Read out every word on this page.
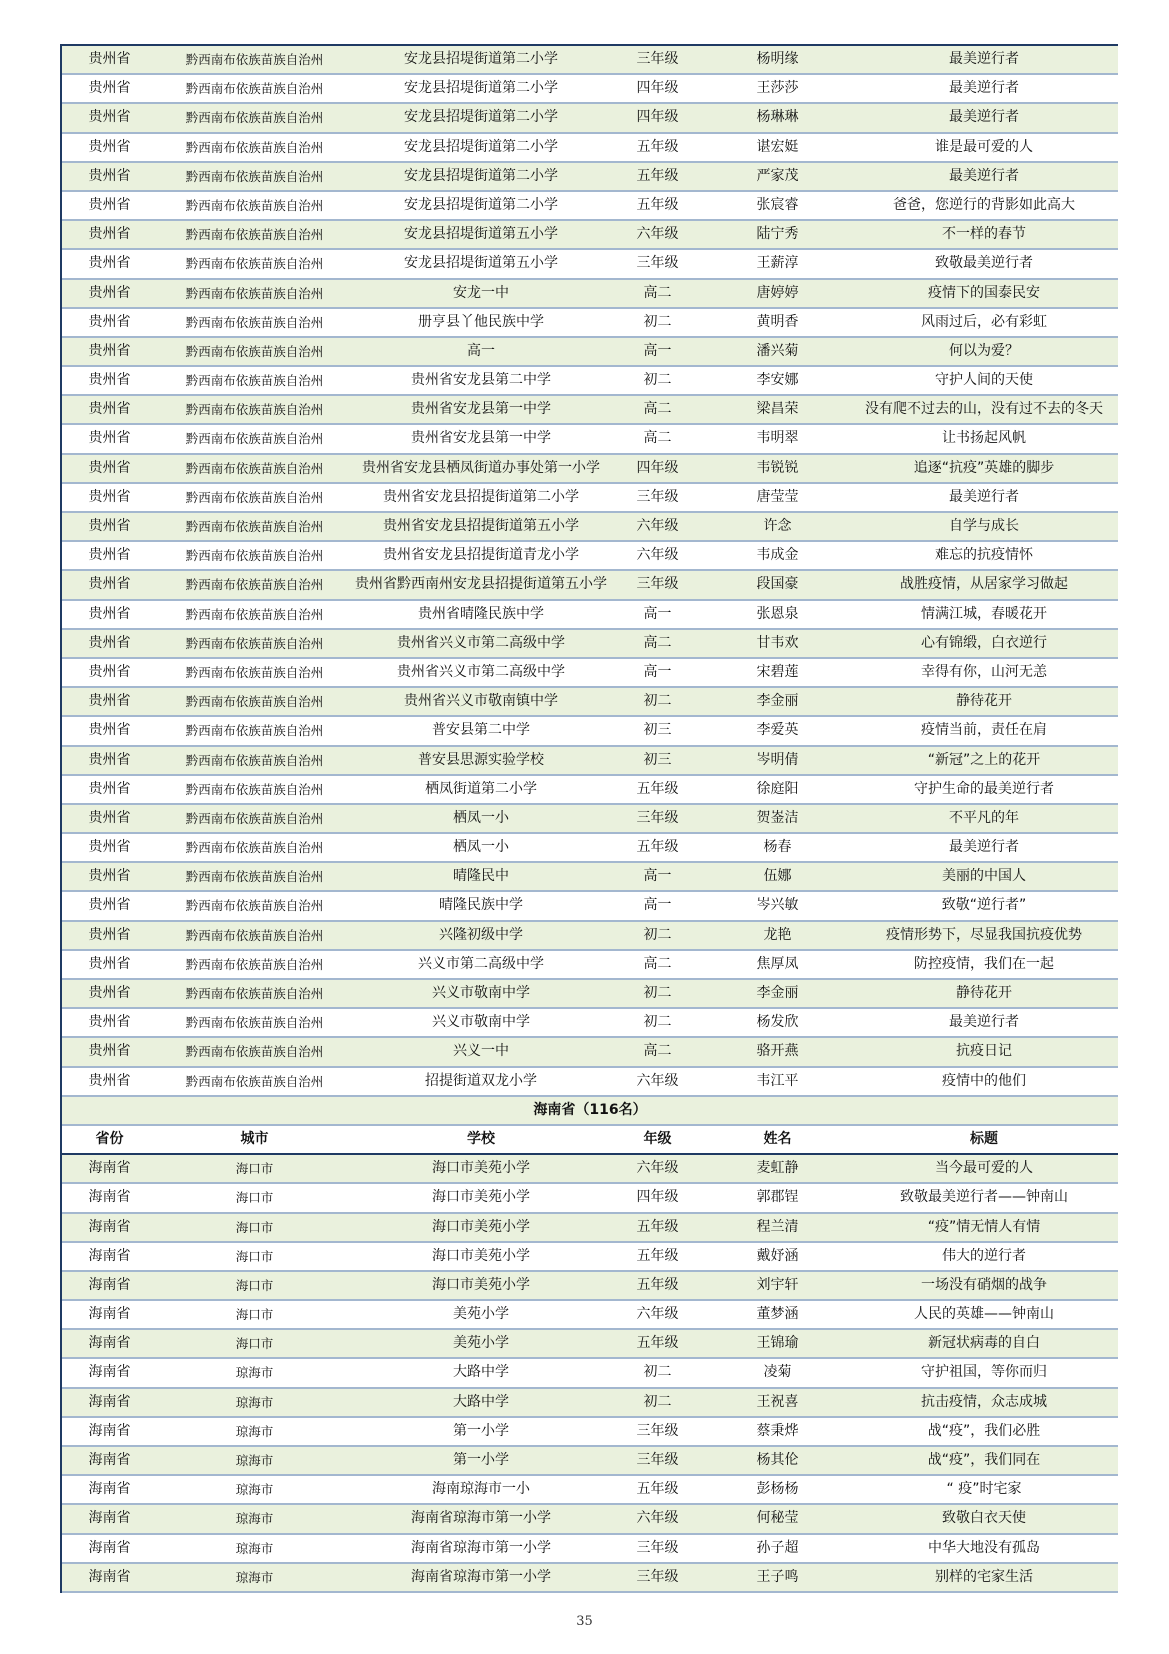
贵州省	黔西南布依族苗族自治州	安龙县招堤街道第二小学	三年级	杨明缘	最美逆行者
贵州省	黔西南布依族苗族自治州	安龙县招堤街道第二小学	四年级	王莎莎	最美逆行者
贵州省	黔西南布依族苗族自治州	安龙县招堤街道第二小学	四年级	杨琳琳	最美逆行者
贵州省	黔西南布依族苗族自治州	安龙县招堤街道第二小学	五年级	谌宏娗	谁是最可爱的人
贵州省	黔西南布依族苗族自治州	安龙县招堤街道第二小学	五年级	严家茂	最美逆行者
贵州省	黔西南布依族苗族自治州	安龙县招堤街道第二小学	五年级	张宸睿	爸爸，您逆行的背影如此高大
贵州省	黔西南布依族苗族自治州	安龙县招堤街道第五小学	六年级	陆宁秀	不一样的春节
贵州省	黔西南布依族苗族自治州	安龙县招堤街道第五小学	三年级	王薪淳	致敬最美逆行者
贵州省	黔西南布依族苗族自治州	安龙一中	高二	唐婷婷	疫情下的国泰民安
贵州省	黔西南布依族苗族自治州	册亨县丫他民族中学	初二	黄明香	风雨过后，必有彩虹
贵州省	黔西南布依族苗族自治州	高一	高一	潘兴菊	何以为爱？
贵州省	黔西南布依族苗族自治州	贵州省安龙县第二中学	初二	李安娜	守护人间的天使
贵州省	黔西南布依族苗族自治州	贵州省安龙县第一中学	高二	梁昌荣	没有爬不过去的山，没有过不去的冬天
贵州省	黔西南布依族苗族自治州	贵州省安龙县第一中学	高二	韦明翠	让书扬起风帆
贵州省	黔西南布依族苗族自治州	贵州省安龙县栖凤街道办事处第一小学	四年级	韦锐锐	追逐“抗疫”英雄的脚步
贵州省	黔西南布依族苗族自治州	贵州省安龙县招提街道第二小学	三年级	唐莹莹	最美逆行者
贵州省	黔西南布依族苗族自治州	贵州省安龙县招提街道第五小学	六年级	许念	自学与成长
贵州省	黔西南布依族苗族自治州	贵州省安龙县招提街道青龙小学	六年级	韦成金	难忘的抗疫情怀
贵州省	黔西南布依族苗族自治州	贵州省黔西南州安龙县招提街道第五小学	三年级	段国豪	战胜疫情，从居家学习做起
贵州省	黔西南布依族苗族自治州	贵州省晴隆民族中学	高一	张恩泉	情满江城，春暖花开
贵州省	黔西南布依族苗族自治州	贵州省兴义市第二高级中学	高二	甘韦欢	心有锦缎，白衣逆行
贵州省	黔西南布依族苗族自治州	贵州省兴义市第二高级中学	高一	宋碧莲	幸得有你，山河无恙
贵州省	黔西南布依族苗族自治州	贵州省兴义市敬南镇中学	初二	李金丽	静待花开
贵州省	黔西南布依族苗族自治州	普安县第二中学	初三	李爱英	疫情当前，责任在肩
贵州省	黔西南布依族苗族自治州	普安县思源实验学校	初三	岑明倩	“新冠”之上的花开
贵州省	黔西南布依族苗族自治州	栖凤街道第二小学	五年级	徐庭阳	守护生命的最美逆行者
贵州省	黔西南布依族苗族自治州	栖凤一小	三年级	贺崟洁	不平凡的年
贵州省	黔西南布依族苗族自治州	栖凤一小	五年级	杨春	最美逆行者
贵州省	黔西南布依族苗族自治州	晴隆民中	高一	伍娜	美丽的中国人
贵州省	黔西南布依族苗族自治州	晴隆民族中学	高一	岑兴敏	致敬“逆行者”
贵州省	黔西南布依族苗族自治州	兴隆初级中学	初二	龙艳	疫情形势下，尽显我国抗疫优势
贵州省	黔西南布依族苗族自治州	兴义市第二高级中学	高二	焦厚凤	防控疫情，我们在一起
贵州省	黔西南布依族苗族自治州	兴义市敬南中学	初二	李金丽	静待花开
贵州省	黔西南布依族苗族自治州	兴义市敬南中学	初二	杨发欣	最美逆行者
贵州省	黔西南布依族苗族自治州	兴义一中	高二	骆开燕	抗疫日记
贵州省	黔西南布依族苗族自治州	招提街道双龙小学	六年级	韦江平	疫情中的他们
海南省（116名）
省份	城市	学校	年级	姓名	标题
海南省	海口市	海口市美苑小学	六年级	麦虹静	当今最可爱的人
海南省	海口市	海口市美苑小学	四年级	郭郡锃	致敬最美逆行者——钟南山
海南省	海口市	海口市美苑小学	五年级	程兰清	“疫”情无情人有情
海南省	海口市	海口市美苑小学	五年级	戴妤涵	伟大的逆行者
海南省	海口市	海口市美苑小学	五年级	刘宇轩	一场没有硝烟的战争
海南省	海口市	美苑小学	六年级	董梦涵	人民的英雄——钟南山
海南省	海口市	美苑小学	五年级	王锦瑜	新冠状病毒的自白
海南省	琼海市	大路中学	初二	凌菊	守护祖国，等你而归
海南省	琼海市	大路中学	初二	王祝喜	抗击疫情，众志成城
海南省	琼海市	第一小学	三年级	蔡秉烨	战“疫”，我们必胜
海南省	琼海市	第一小学	三年级	杨其伦	战“疫”，我们同在
海南省	琼海市	海南琼海市一小	五年级	彭杨杨	“ 疫”时宅家
海南省	琼海市	海南省琼海市第一小学	六年级	何秘莹	致敬白衣天使
海南省	琼海市	海南省琼海市第一小学	三年级	孙子超	中华大地没有孤岛
海南省	琼海市	海南省琼海市第一小学	三年级	王子鸣	别样的宅家生活
35
